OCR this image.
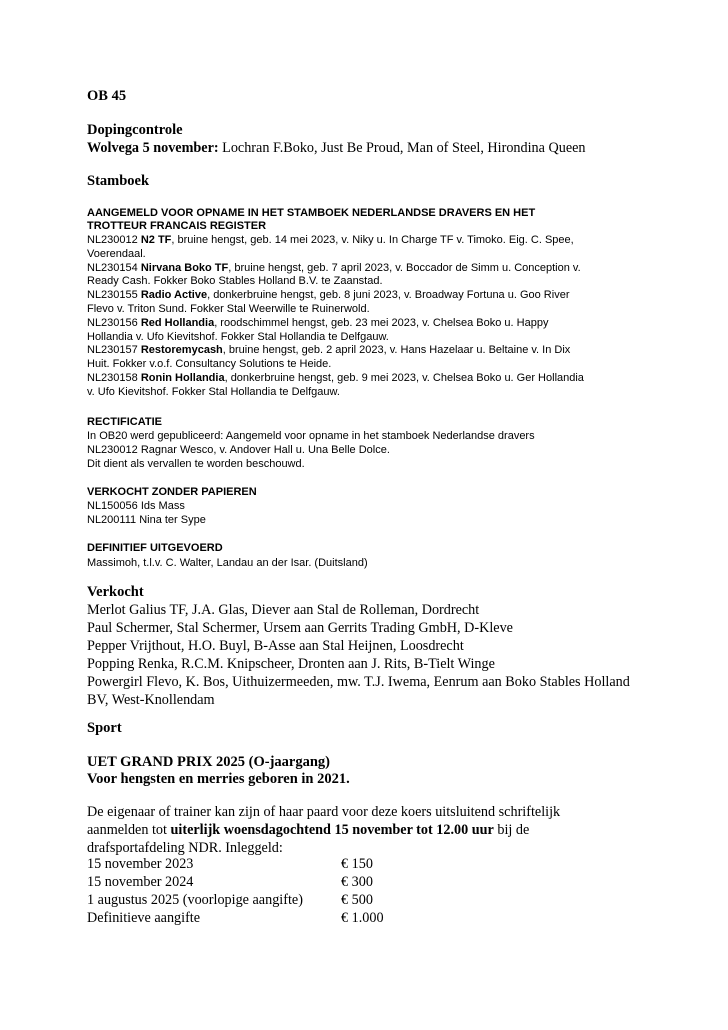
OB 45
Dopingcontrole
Wolvega 5 november: Lochran F.Boko, Just Be Proud, Man of Steel, Hirondina Queen
Stamboek
AANGEMELD VOOR OPNAME IN HET STAMBOEK NEDERLANDSE DRAVERS EN HET
TROTTEUR FRANCAIS REGISTER
NL230012 N2 TF, bruine hengst, geb. 14 mei 2023, v. Niky u. In Charge TF v. Timoko. Eig. C. Spee,
Voerendaal.
NL230154 Nirvana Boko TF, bruine hengst, geb. 7 april 2023, v. Boccador de Simm u. Conception v.
Ready Cash. Fokker Boko Stables Holland B.V. te Zaanstad.
NL230155 Radio Active, donkerbruine hengst, geb. 8 juni 2023, v. Broadway Fortuna u. Goo River
Flevo v. Triton Sund. Fokker Stal Weerwille te Ruinerwold.
NL230156 Red Hollandia, roodschimmel hengst, geb. 23 mei 2023, v. Chelsea Boko u. Happy
Hollandia v. Ufo Kievitshof. Fokker Stal Hollandia te Delfgauw.
NL230157 Restoremycash, bruine hengst, geb. 2 april 2023, v. Hans Hazelaar u. Beltaine v. In Dix
Huit. Fokker v.o.f. Consultancy Solutions te Heide.
NL230158 Ronin Hollandia, donkerbruine hengst, geb. 9 mei 2023, v. Chelsea Boko u. Ger Hollandia
v. Ufo Kievitshof. Fokker Stal Hollandia te Delfgauw.
RECTIFICATIE
In OB20 werd gepubliceerd: Aangemeld voor opname in het stamboek Nederlandse dravers
NL230012 Ragnar Wesco, v. Andover Hall u. Una Belle Dolce.
Dit dient als vervallen te worden beschouwd.
VERKOCHT ZONDER PAPIEREN
NL150056 Ids Mass
NL200111 Nina ter Sype
DEFINITIEF UITGEVOERD
Massimoh, t.l.v. C. Walter, Landau an der Isar. (Duitsland)
Verkocht
Merlot Galius TF, J.A. Glas, Diever aan Stal de Rolleman, Dordrecht
Paul Schermer, Stal Schermer, Ursem aan Gerrits Trading GmbH, D-Kleve
Pepper Vrijthout, H.O. Buyl, B-Asse aan Stal Heijnen, Loosdrecht
Popping Renka, R.C.M. Knipscheer, Dronten aan J. Rits, B-Tielt Winge
Powergirl Flevo, K. Bos, Uithuizermeeden, mw. T.J. Iwema, Eenrum aan Boko Stables Holland
BV, West-Knollendam
Sport
UET GRAND PRIX 2025 (O-jaargang)
Voor hengsten en merries geboren in 2021.
De eigenaar of trainer kan zijn of haar paard voor deze koers uitsluitend schriftelijk
aanmelden tot uiterlijk woensdagochtend 15 november tot 12.00 uur bij de
drafsportafdeling NDR. Inleggeld:
15 november 2023	€ 150
15 november 2024	€ 300
1 augustus 2025 (voorlopige aangifte)	€ 500
Definitieve aangifte	€ 1.000
